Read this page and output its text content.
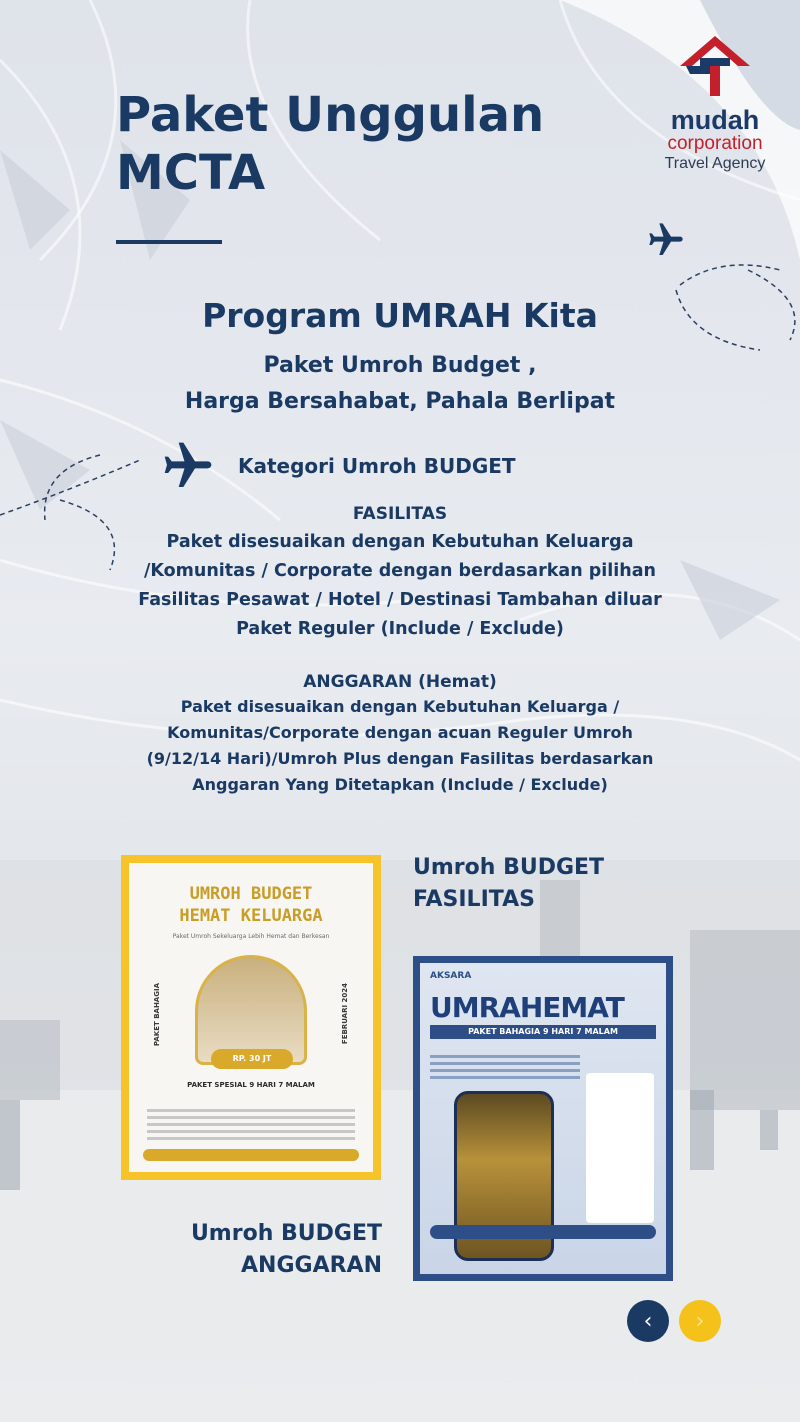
mudah
corporation
Travel Agency
Paket Unggulan
MCTA
Program UMRAH Kita
Paket Umroh Budget ,
Harga Bersahabat, Pahala Berlipat
Kategori Umroh BUDGET
FASILITAS
Paket disesuaikan dengan Kebutuhan Keluarga
/Komunitas / Corporate dengan berdasarkan pilihan
Fasilitas Pesawat / Hotel / Destinasi Tambahan diluar
Paket Reguler (Include / Exclude)
ANGGARAN (Hemat)
Paket disesuaikan dengan Kebutuhan Keluarga /
Komunitas/Corporate dengan acuan Reguler Umroh
(9/12/14 Hari)/Umroh Plus dengan Fasilitas berdasarkan
Anggaran Yang Ditetapkan (Include / Exclude)
UMROH BUDGET
HEMAT KELUARGA
Paket Umroh Sekeluarga Lebih Hemat dan Berkesan
PAKET BAHAGIA	FEBRUARI 2024
RP. 30 JT
PAKET SPESIAL 9 HARI 7 MALAM
Umroh BUDGET
FASILITAS
AKSARA
UMRAHEMAT
PAKET BAHAGIA 9 HARI 7 MALAM
Umroh BUDGET
ANGGARAN
‹ ›
